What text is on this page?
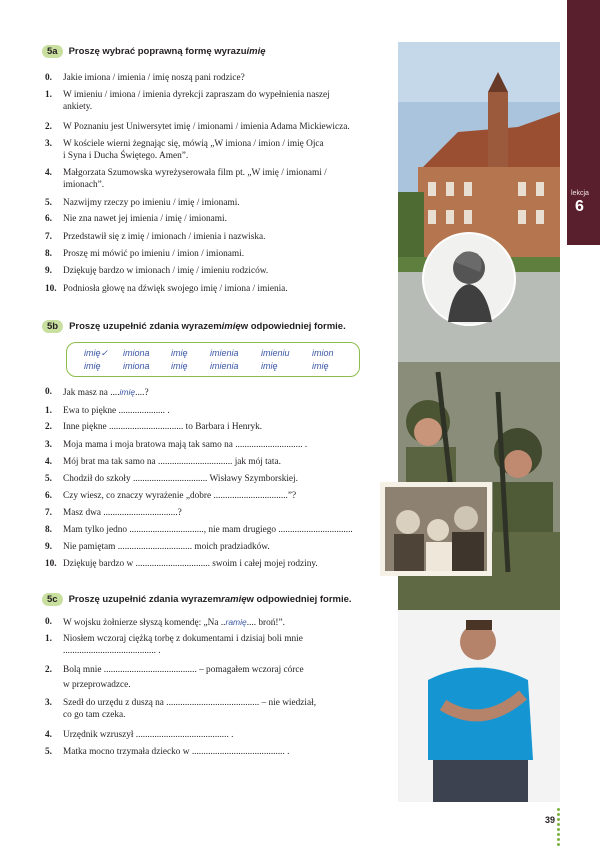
lekcja
6
5a	Proszę wybrać poprawną formę wyrazu imię
0.	Jakie imiona / imienia / imię noszą pani rodzice?
1.	W imieniu / imiona / imienia dyrekcji zapraszam do wypełnienia naszej
ankiety.
2.	W Poznaniu jest Uniwersytet imię / imionami / imienia Adama Mickiewicza.
3.	W kościele wierni żegnając się, mówią „W imiona / imion / imię Ojca
i Syna i Ducha Świętego. Amen”.
4.	Małgorzata Szumowska wyreżyserowała film pt. „W imię / imionami /
imionach”.
5.	Nazwijmy rzeczy po imieniu / imię / imionami.
6.	Nie zna nawet jej imienia / imię / imionami.
7.	Przedstawił się z imię / imionach / imienia i nazwiska.
8.	Proszę mi mówić po imieniu / imion / imionami.
9.	Dziękuję bardzo w imionach / imię / imieniu rodziców.
10. Podniosła głowę na dźwięk swojego imię / imiona / imienia.
5b	Proszę uzupełnić zdania wyrazem imię w odpowiedniej formie.
imię✓ imiona imię imienia imieniu imion
imię imiona imię imienia imię	imię
0.	Jak masz na ....imię....?
1.	Ewa to piękne .................... .
2.	Inne piękne ................................ to Barbara i Henryk.
3.	Moja mama i moja bratowa mają tak samo na ............................. .
4.	Mój brat ma tak samo na ................................ jak mój tata.
5.	Chodził do szkoły ................................ Wisławy Szymborskiej.
6.	Czy wiesz, co znaczy wyrażenie „dobre ................................”?
7.	Masz dwa ................................?
8.	Mam tylko jedno ................................, nie mam drugiego ................................
9.	Nie pamiętam ................................ moich pradziadków.
10. Dziękuję bardzo w ................................ swoim i całej mojej rodziny.
5c	Proszę uzupełnić zdania wyrazem ramię w odpowiedniej formie.
0.	W wojsku żołnierze słyszą komendę: „Na ..ramię.... broń!”.
1.	Niosłem wczoraj ciężką torbę z dokumentami i dzisiaj boli mnie
........................................ .
2.	Bolą mnie ........................................ – pomagałem wczoraj córce
w przeprowadzce.
3.	Szedł do urzędu z duszą na ........................................ – nie wiedział,
co go tam czeka.
4.	Urzędnik wzruszył ........................................ .
5.	Matka mocno trzymała dziecko w ........................................ .
39
